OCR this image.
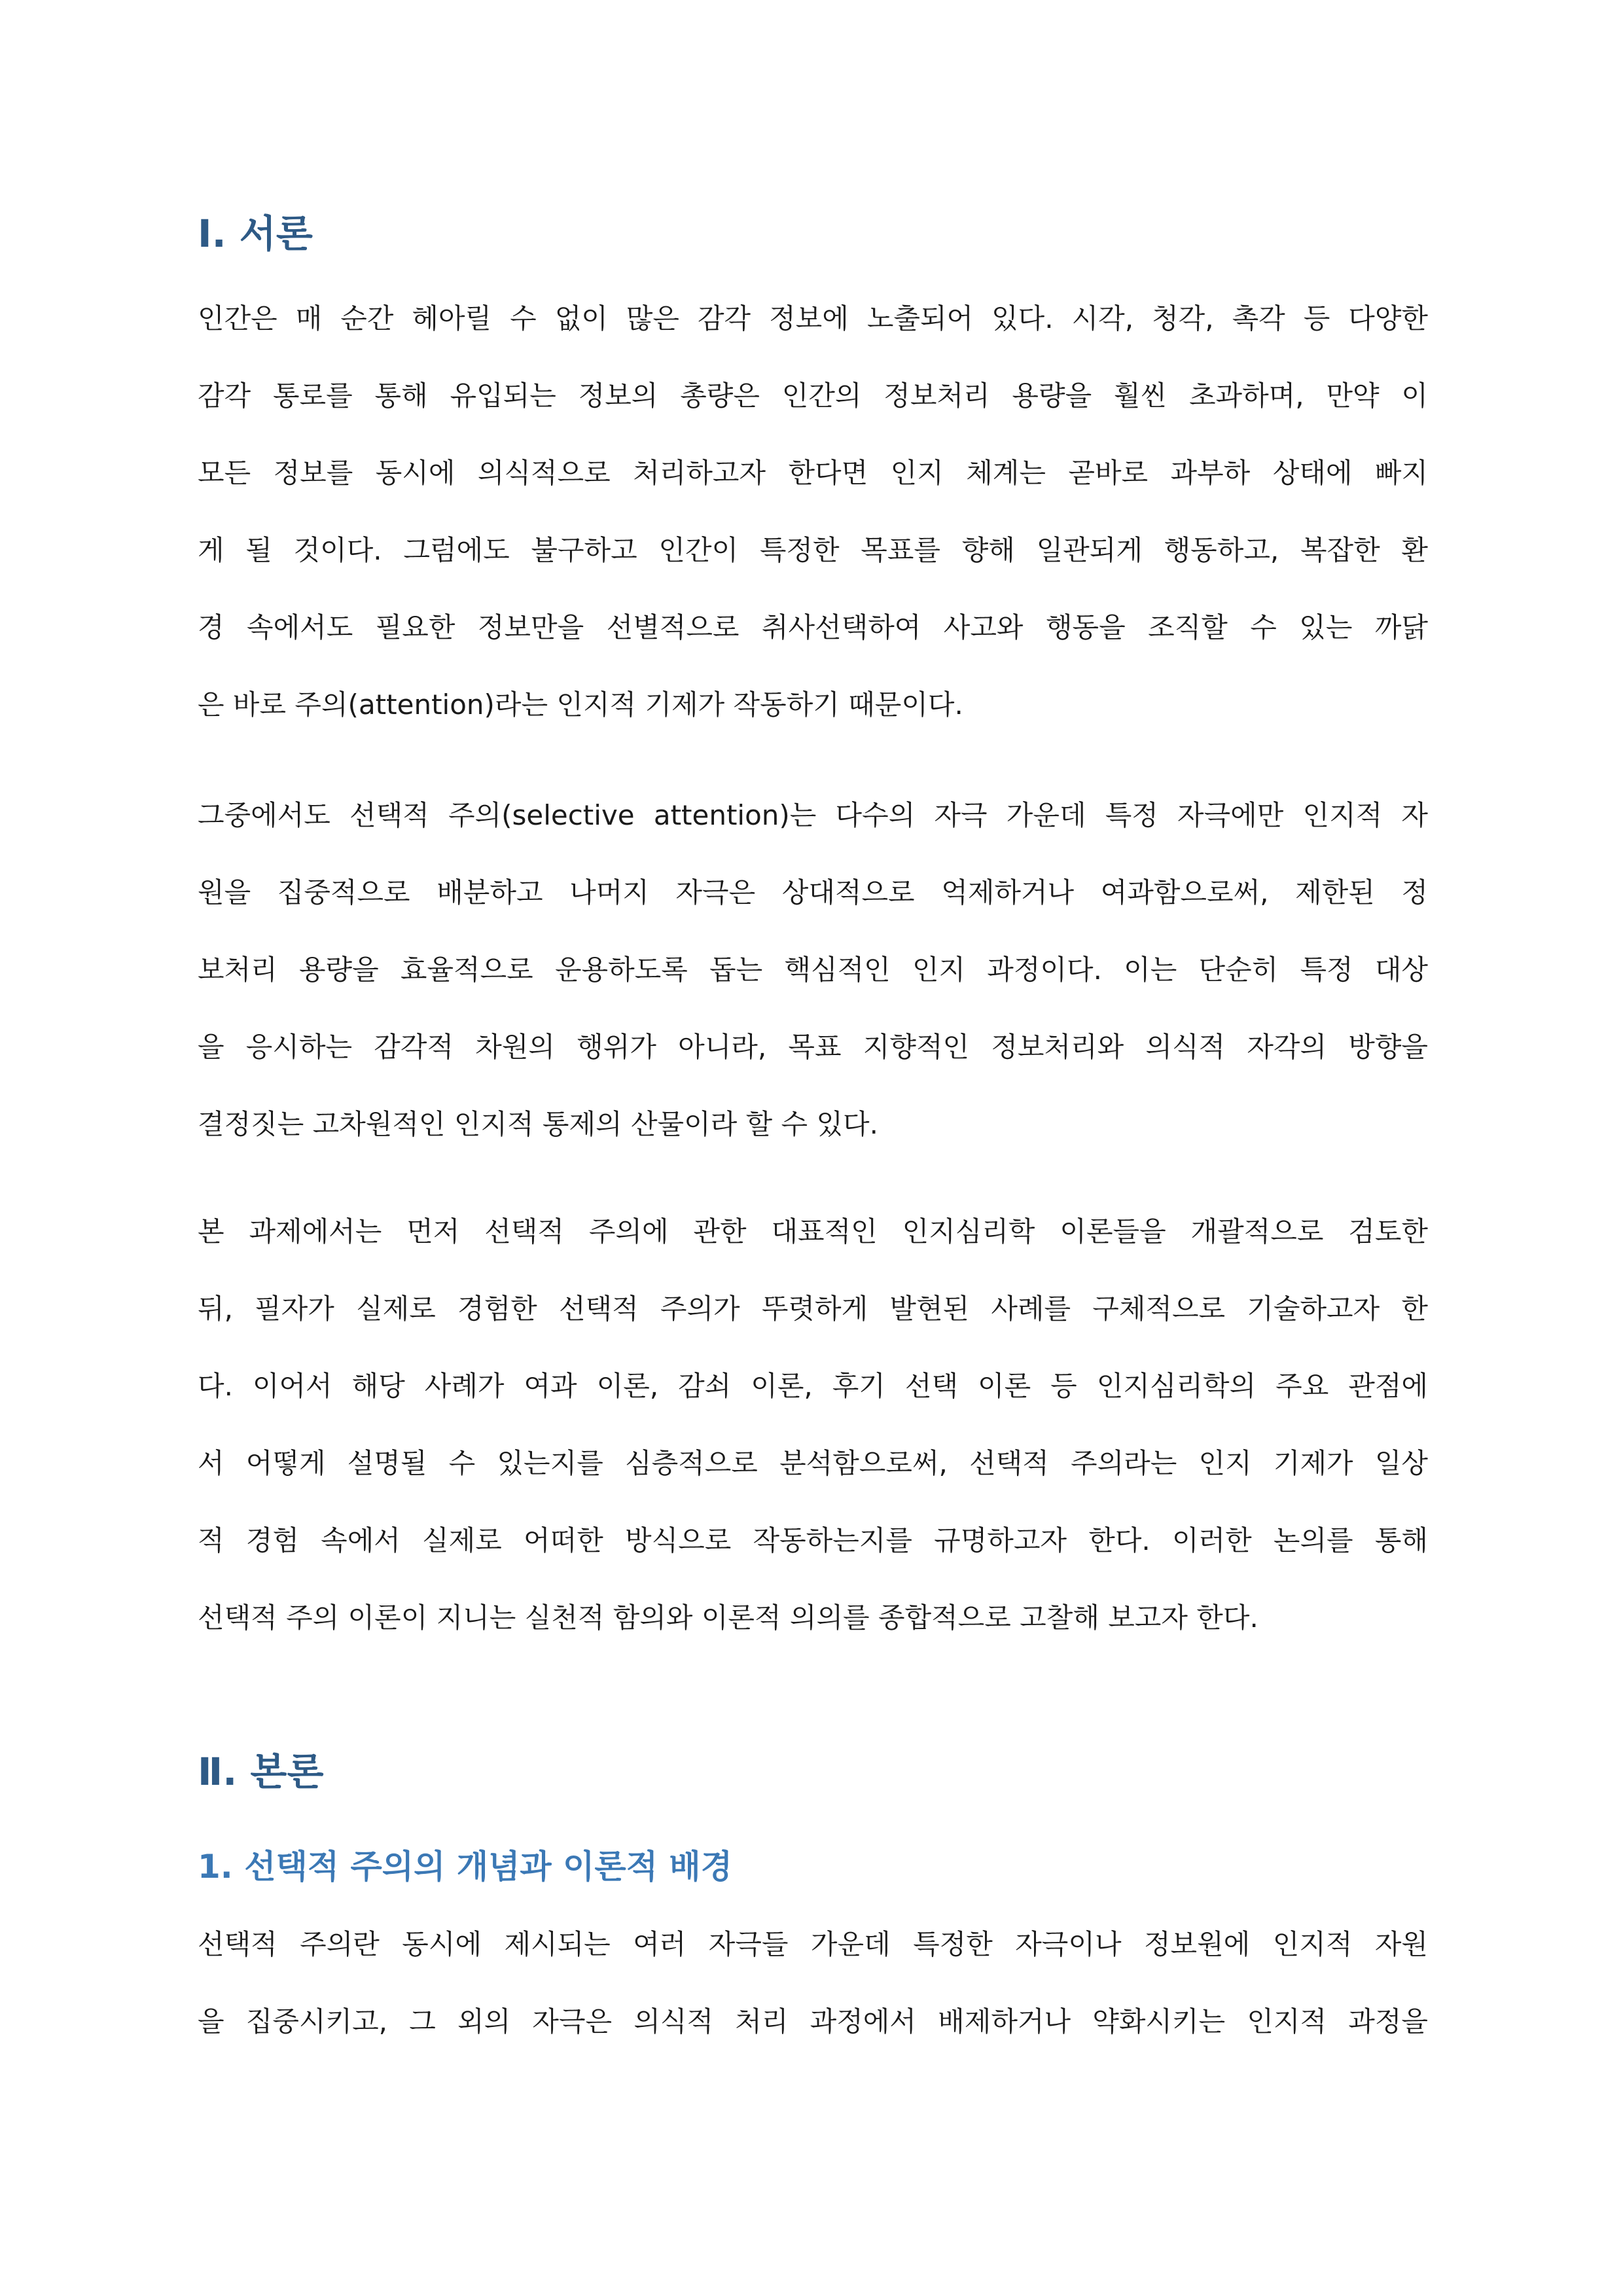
Ⅰ. 서론
인간은 매 순간 헤아릴 수 없이 많은 감각 정보에 노출되어 있다. 시각, 청각, 촉각 등 다양한
감각 통로를 통해 유입되는 정보의 총량은 인간의 정보처리 용량을 훨씬 초과하며, 만약 이
모든 정보를 동시에 의식적으로 처리하고자 한다면 인지 체계는 곧바로 과부하 상태에 빠지
게 될 것이다. 그럼에도 불구하고 인간이 특정한 목표를 향해 일관되게 행동하고, 복잡한 환
경 속에서도 필요한 정보만을 선별적으로 취사선택하여 사고와 행동을 조직할 수 있는 까닭
은 바로 주의(attention)라는 인지적 기제가 작동하기 때문이다.
그중에서도 선택적 주의(selective attention)는 다수의 자극 가운데 특정 자극에만 인지적 자
원을 집중적으로 배분하고 나머지 자극은 상대적으로 억제하거나 여과함으로써, 제한된 정
보처리 용량을 효율적으로 운용하도록 돕는 핵심적인 인지 과정이다. 이는 단순히 특정 대상
을 응시하는 감각적 차원의 행위가 아니라, 목표 지향적인 정보처리와 의식적 자각의 방향을
결정짓는 고차원적인 인지적 통제의 산물이라 할 수 있다.
본 과제에서는 먼저 선택적 주의에 관한 대표적인 인지심리학 이론들을 개괄적으로 검토한
뒤, 필자가 실제로 경험한 선택적 주의가 뚜렷하게 발현된 사례를 구체적으로 기술하고자 한
다. 이어서 해당 사례가 여과 이론, 감쇠 이론, 후기 선택 이론 등 인지심리학의 주요 관점에
서 어떻게 설명될 수 있는지를 심층적으로 분석함으로써, 선택적 주의라는 인지 기제가 일상
적 경험 속에서 실제로 어떠한 방식으로 작동하는지를 규명하고자 한다. 이러한 논의를 통해
선택적 주의 이론이 지니는 실천적 함의와 이론적 의의를 종합적으로 고찰해 보고자 한다.
Ⅱ. 본론
1. 선택적 주의의 개념과 이론적 배경
선택적 주의란 동시에 제시되는 여러 자극들 가운데 특정한 자극이나 정보원에 인지적 자원
을 집중시키고, 그 외의 자극은 의식적 처리 과정에서 배제하거나 약화시키는 인지적 과정을
